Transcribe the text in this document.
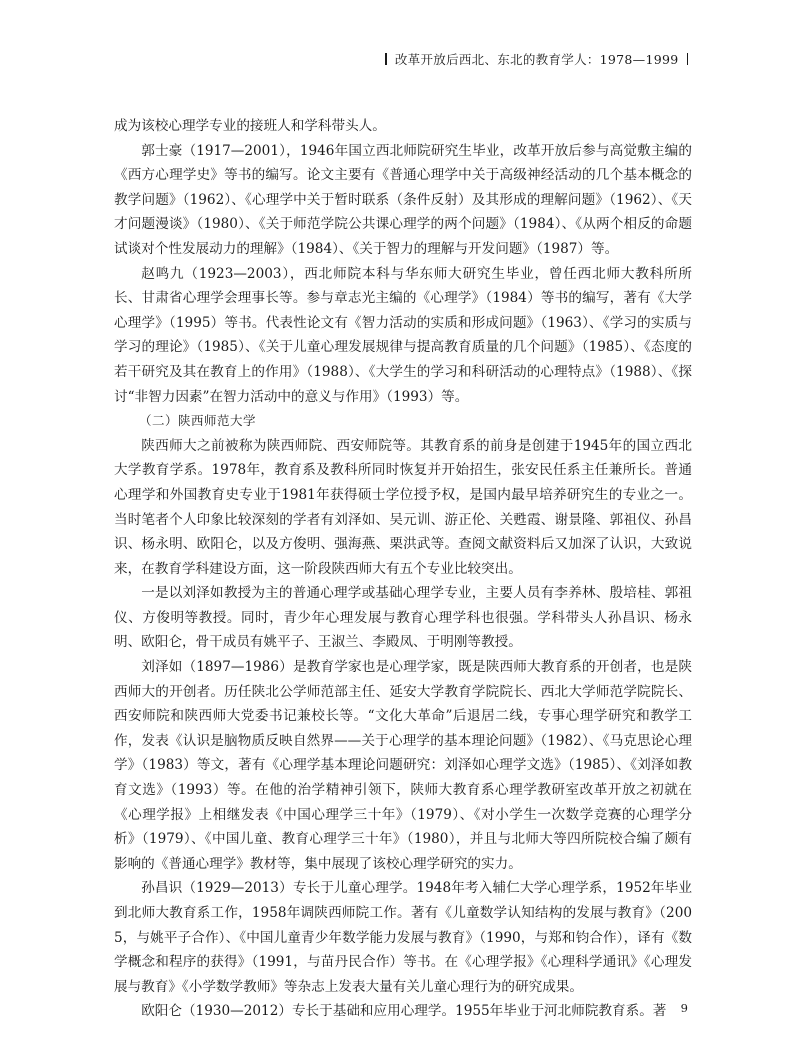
改革开放后西北、东北的教育学人：1978—1999

成为该校心理学专业的接班人和学科带头人。

郭士豪（1917—2001），1946年国立西北师院研究生毕业，改革开放后参与高觉敷主编的《西方心理学史》等书的编写。论文主要有《普通心理学中关于高级神经活动的几个基本概念的教学问题》（1962）、《心理学中关于暂时联系（条件反射）及其形成的理解问题》（1962）、《天才问题漫谈》（1980）、《关于师范学院公共课心理学的两个问题》（1984）、《从两个相反的命题试谈对个性发展动力的理解》（1984）、《关于智力的理解与开发问题》（1987）等。

赵鸣九（1923—2003），西北师院本科与华东师大研究生毕业，曾任西北师大教科所所长、甘肃省心理学会理事长等。参与章志光主编的《心理学》（1984）等书的编写，著有《大学心理学》（1995）等书。代表性论文有《智力活动的实质和形成问题》（1963）、《学习的实质与学习的理论》（1985）、《关于儿童心理发展规律与提高教育质量的几个问题》（1985）、《态度的若干研究及其在教育上的作用》（1988）、《大学生的学习和科研活动的心理特点》（1988）、《探讨“非智力因素”在智力活动中的意义与作用》（1993）等。

（二）陕西师范大学

陕西师大之前被称为陕西师院、西安师院等。其教育系的前身是创建于1945年的国立西北大学教育学系。1978年，教育系及教科所同时恢复并开始招生，张安民任系主任兼所长。普通心理学和外国教育史专业于1981年获得硕士学位授予权，是国内最早培养研究生的专业之一。当时笔者个人印象比较深刻的学者有刘泽如、吴元训、游正伦、关甦霞、谢景隆、郭祖仪、孙昌识、杨永明、欧阳仑，以及方俊明、强海燕、栗洪武等。查阅文献资料后又加深了认识，大致说来，在教育学科建设方面，这一阶段陕西师大有五个专业比较突出。

一是以刘泽如教授为主的普通心理学或基础心理学专业，主要人员有李养林、殷培桂、郭祖仪、方俊明等教授。同时，青少年心理发展与教育心理学科也很强。学科带头人孙昌识、杨永明、欧阳仑，骨干成员有姚平子、王淑兰、李殿凤、于明刚等教授。

刘泽如（1897—1986）是教育学家也是心理学家，既是陕西师大教育系的开创者，也是陕西师大的开创者。历任陕北公学师范部主任、延安大学教育学院院长、西北大学师范学院院长、西安师院和陕西师大党委书记兼校长等。“文化大革命”后退居二线，专事心理学研究和教学工作，发表《认识是脑物质反映自然界——关于心理学的基本理论问题》（1982）、《马克思论心理学》（1983）等文，著有《心理学基本理论问题研究：刘泽如心理学文选》（1985）、《刘泽如教育文选》（1993）等。在他的治学精神引领下，陕师大教育系心理学教研室改革开放之初就在《心理学报》上相继发表《中国心理学三十年》（1979）、《对小学生一次数学竞赛的心理学分析》（1979）、《中国儿童、教育心理学三十年》（1980），并且与北师大等四所院校合编了颇有影响的《普通心理学》教材等，集中展现了该校心理学研究的实力。

孙昌识（1929—2013）专长于儿童心理学。1948年考入辅仁大学心理学系，1952年毕业到北师大教育系工作，1958年调陕西师院工作。著有《儿童数学认知结构的发展与教育》（2005，与姚平子合作）、《中国儿童青少年数学能力发展与教育》（1990，与郑和钧合作），译有《数学概念和程序的获得》（1991，与苗丹民合作）等书。在《心理学报》《心理科学通讯》《心理发展与教育》《小学数学教师》等杂志上发表大量有关儿童心理行为的研究成果。

欧阳仑（1930—2012）专长于基础和应用心理学。1955年毕业于河北师院教育系。著	9
